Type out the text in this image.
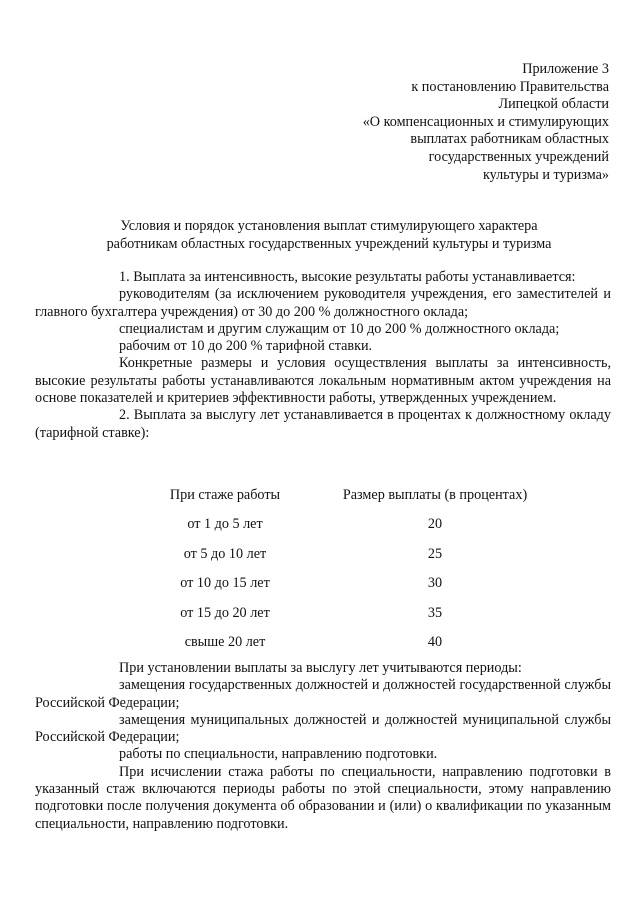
Приложение 3
к постановлению Правительства
Липецкой области
«О компенсационных и стимулирующих
выплатах работникам областных
государственных учреждений
культуры и туризма»
Условия и порядок установления выплат стимулирующего характера
работникам областных государственных учреждений культуры и туризма

1. Выплата за интенсивность, высокие результаты работы устанавливается:

руководителям (за исключением руководителя учреждения, его заместителей и главного бухгалтера учреждения) от 30 до 200 % должностного оклада;

специалистам и другим служащим от 10 до 200 % должностного оклада;

рабочим от 10 до 200 % тарифной ставки.

Конкретные размеры и условия осуществления выплаты за интенсивность, высокие результаты работы устанавливаются локальным нормативным актом учреждения на основе показателей и критериев эффективности работы, утвержденных учреждением.

2. Выплата за выслугу лет устанавливается в процентах к должностному окладу (тарифной ставке):

При стаже работы	Размер выплаты (в процентах)
от 1 до 5 лет	20
от 5 до 10 лет	25
от 10 до 15 лет	30
от 15 до 20 лет	35
свыше 20 лет	40

При установлении выплаты за выслугу лет учитываются периоды:

замещения государственных должностей и должностей государственной службы Российской Федерации;

замещения муниципальных должностей и должностей муниципальной службы Российской Федерации;

работы по специальности, направлению подготовки.

При исчислении стажа работы по специальности, направлению подготовки в указанный стаж включаются периоды работы по этой специальности, этому направлению подготовки после получения документа об образовании и (или) о квалификации по указанным специальности, направлению подготовки.
